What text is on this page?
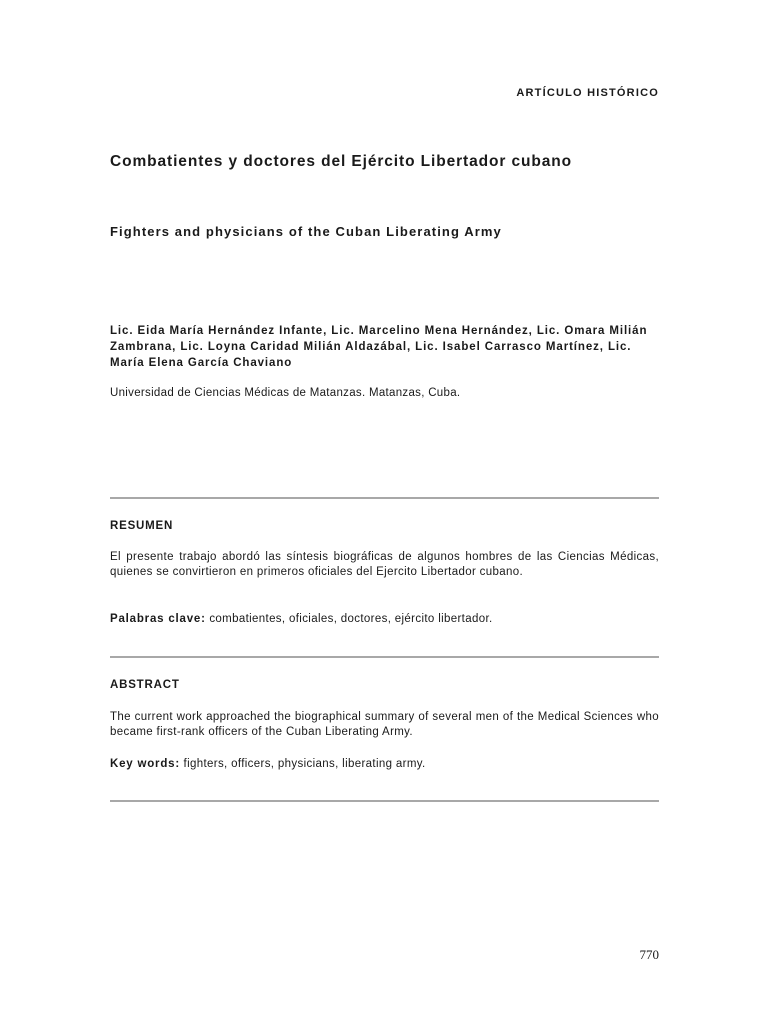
ARTÍCULO HISTÓRICO
Combatientes y doctores del Ejército Libertador cubano
Fighters and physicians of the Cuban Liberating Army
Lic. Eida María Hernández Infante, Lic. Marcelino Mena Hernández, Lic. Omara Milián Zambrana, Lic. Loyna Caridad Milián Aldazábal, Lic. Isabel Carrasco Martínez, Lic. María Elena García Chaviano
Universidad de Ciencias Médicas de Matanzas. Matanzas, Cuba.
RESUMEN
El presente trabajo abordó las síntesis biográficas de algunos hombres de las Ciencias Médicas, quienes se convirtieron en primeros oficiales del Ejercito Libertador cubano.
Palabras clave: combatientes, oficiales, doctores, ejército libertador.
ABSTRACT
The current work approached the biographical summary of several men of the Medical Sciences who became first-rank officers of the Cuban Liberating Army.
Key words: fighters, officers, physicians, liberating army.
770
